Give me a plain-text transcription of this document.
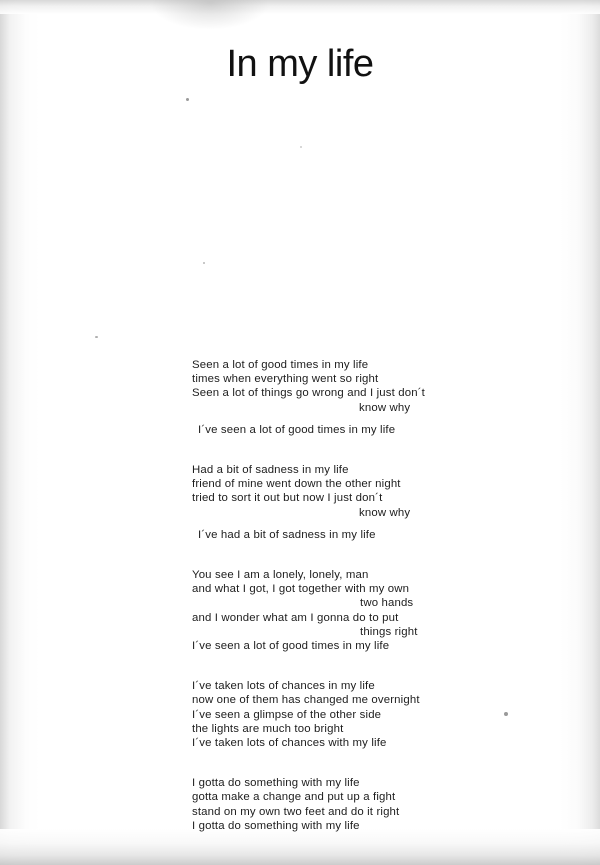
In my life
Seen a lot of good times in my life
times when everything went so right
Seen a lot of things go wrong and I just don´t
know why
I´ve seen a lot of good times in my life
Had a bit of sadness in my life
friend of mine went down the other night
tried to sort it out but now I just don´t
know why
I´ve had a bit of sadness in my life
You see I am a lonely, lonely, man
and what I got, I got together with my own
two hands
and I wonder what am I gonna do to put
things right
I´ve seen a lot of good times in my life
I´ve taken lots of chances in my life
now one of them has changed me overnight
I´ve seen a glimpse of the other side
the lights are much too bright
I´ve taken lots of chances with my life
I gotta do something with my life
gotta make a change and put up a fight
stand on my own two feet and do it right
I gotta do something with my life
